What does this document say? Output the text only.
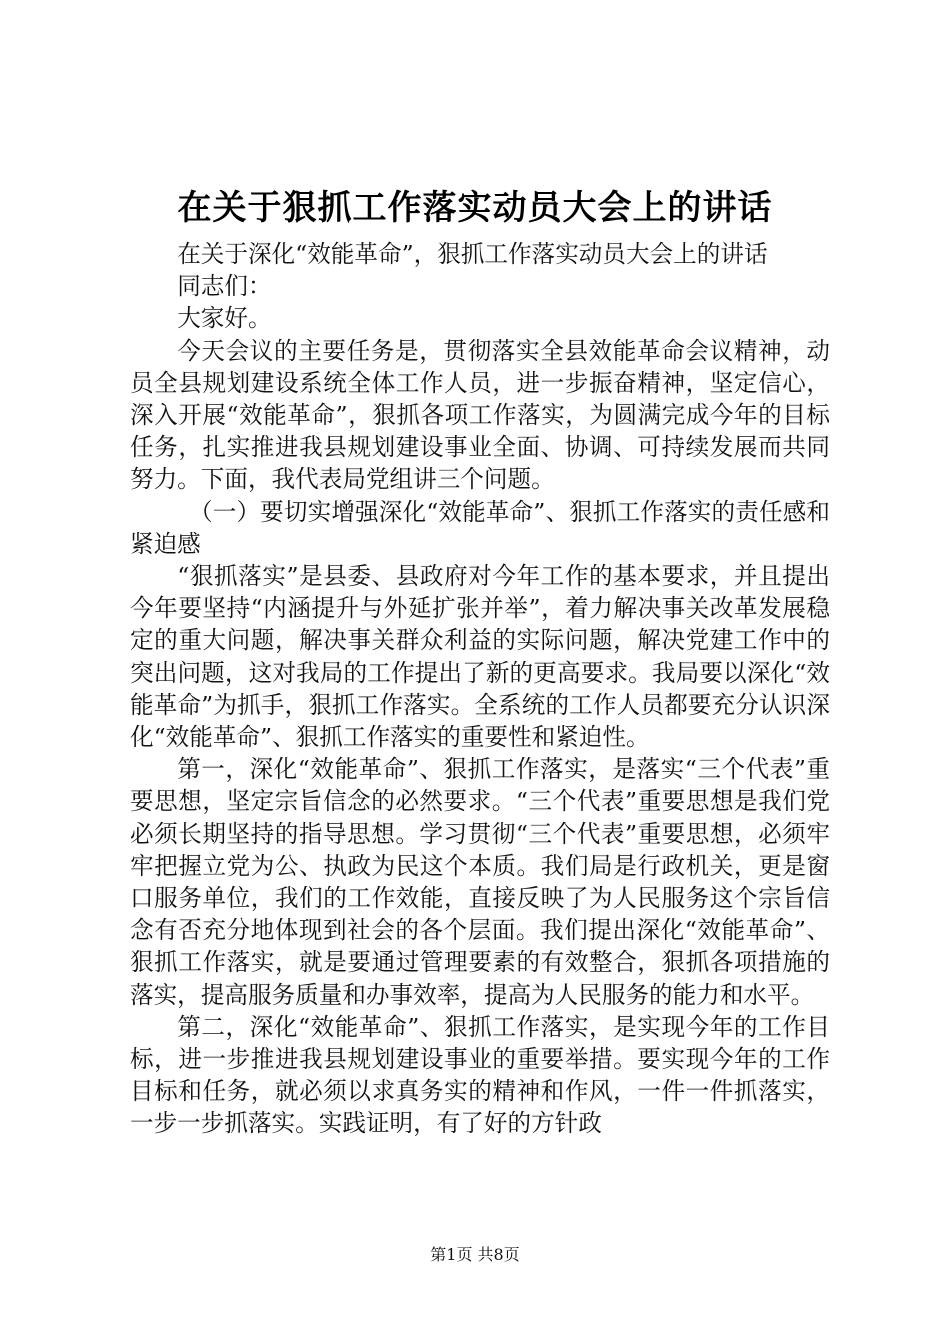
在关于狠抓工作落实动员大会上的讲话

在关于深化“效能革命”，狠抓工作落实动员大会上的讲话

同志们：

大家好。

今天会议的主要任务是，贯彻落实全县效能革命会议精神，动员全县规划建设系统全体工作人员，进一步振奋精神，坚定信心，深入开展“效能革命”，狠抓各项工作落实，为圆满完成今年的目标任务，扎实推进我县规划建设事业全面、协调、可持续发展而共同努力。下面，我代表局党组讲三个问题。

（一）要切实增强深化“效能革命”、狠抓工作落实的责任感和紧迫感

“狠抓落实”是县委、县政府对今年工作的基本要求，并且提出今年要坚持“内涵提升与外延扩张并举”，着力解决事关改革发展稳定的重大问题，解决事关群众利益的实际问题，解决党建工作中的突出问题，这对我局的工作提出了新的更高要求。我局要以深化“效能革命”为抓手，狠抓工作落实。全系统的工作人员都要充分认识深化“效能革命”、狠抓工作落实的重要性和紧迫性。

第一，深化“效能革命”、狠抓工作落实，是落实“三个代表”重要思想，坚定宗旨信念的必然要求。“三个代表”重要思想是我们党必须长期坚持的指导思想。学习贯彻“三个代表”重要思想，必须牢牢把握立党为公、执政为民这个本质。我们局是行政机关，更是窗口服务单位，我们的工作效能，直接反映了为人民服务这个宗旨信念有否充分地体现到社会的各个层面。我们提出深化“效能革命”、狠抓工作落实，就是要通过管理要素的有效整合，狠抓各项措施的落实，提高服务质量和办事效率，提高为人民服务的能力和水平。

第二，深化“效能革命”、狠抓工作落实，是实现今年的工作目标，进一步推进我县规划建设事业的重要举措。要实现今年的工作目标和任务，就必须以求真务实的精神和作风，一件一件抓落实，一步一步抓落实。实践证明，有了好的方针政

第1页 共8页
